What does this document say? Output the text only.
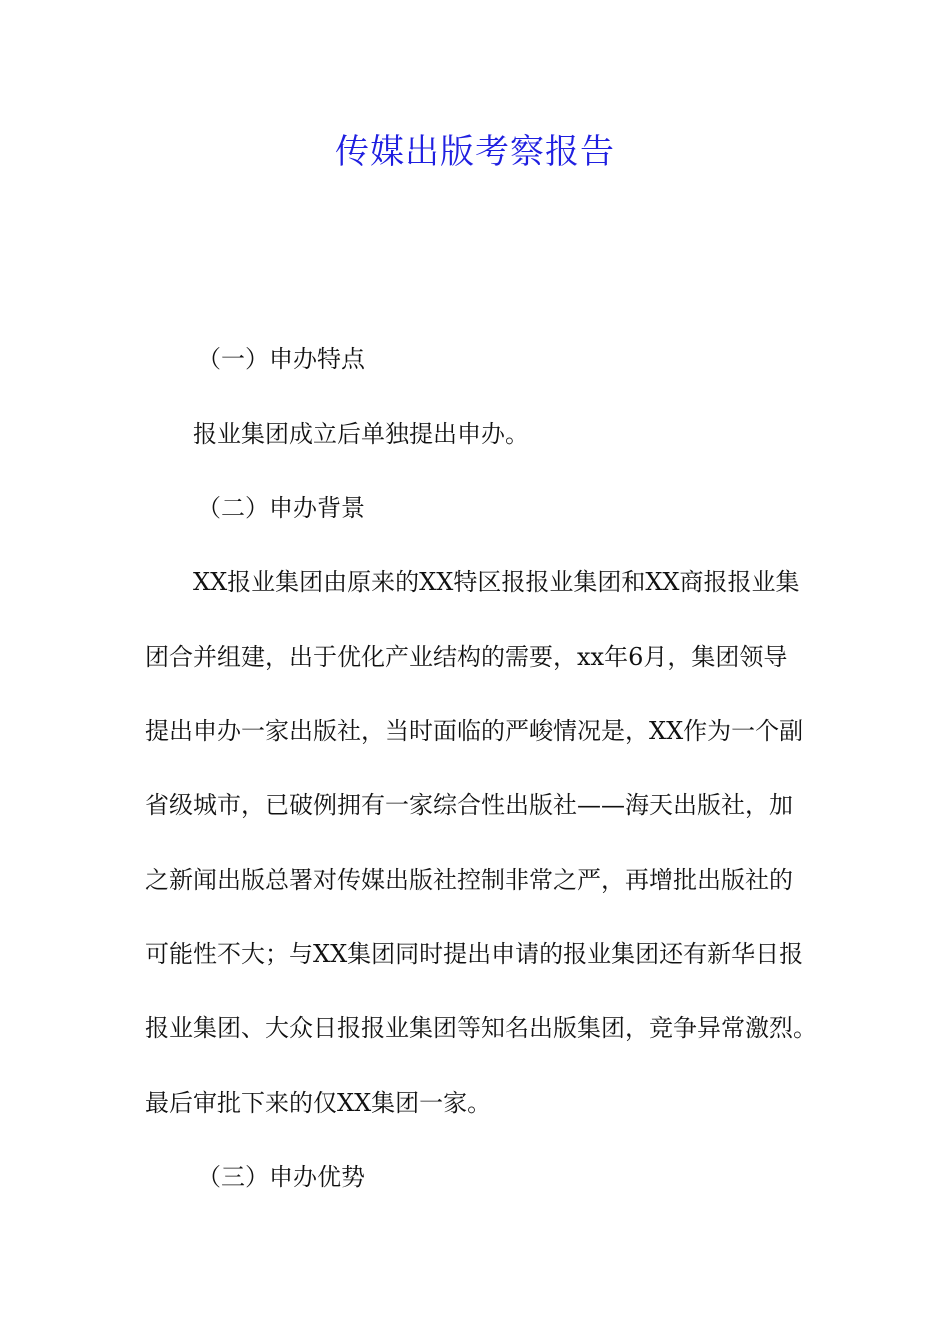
传媒出版考察报告

（一）申办特点

报业集团成立后单独提出申办。

（二）申办背景

XX报业集团由原来的XX特区报报业集团和XX商报报业集

团合并组建，出于优化产业结构的需要，xx年6月，集团领导

提出申办一家出版社，当时面临的严峻情况是，XX作为一个副

省级城市，已破例拥有一家综合性出版社——海天出版社，加

之新闻出版总署对传媒出版社控制非常之严，再增批出版社的

可能性不大；与XX集团同时提出申请的报业集团还有新华日报

报业集团、大众日报报业集团等知名出版集团，竞争异常激烈。

最后审批下来的仅XX集团一家。

（三）申办优势
